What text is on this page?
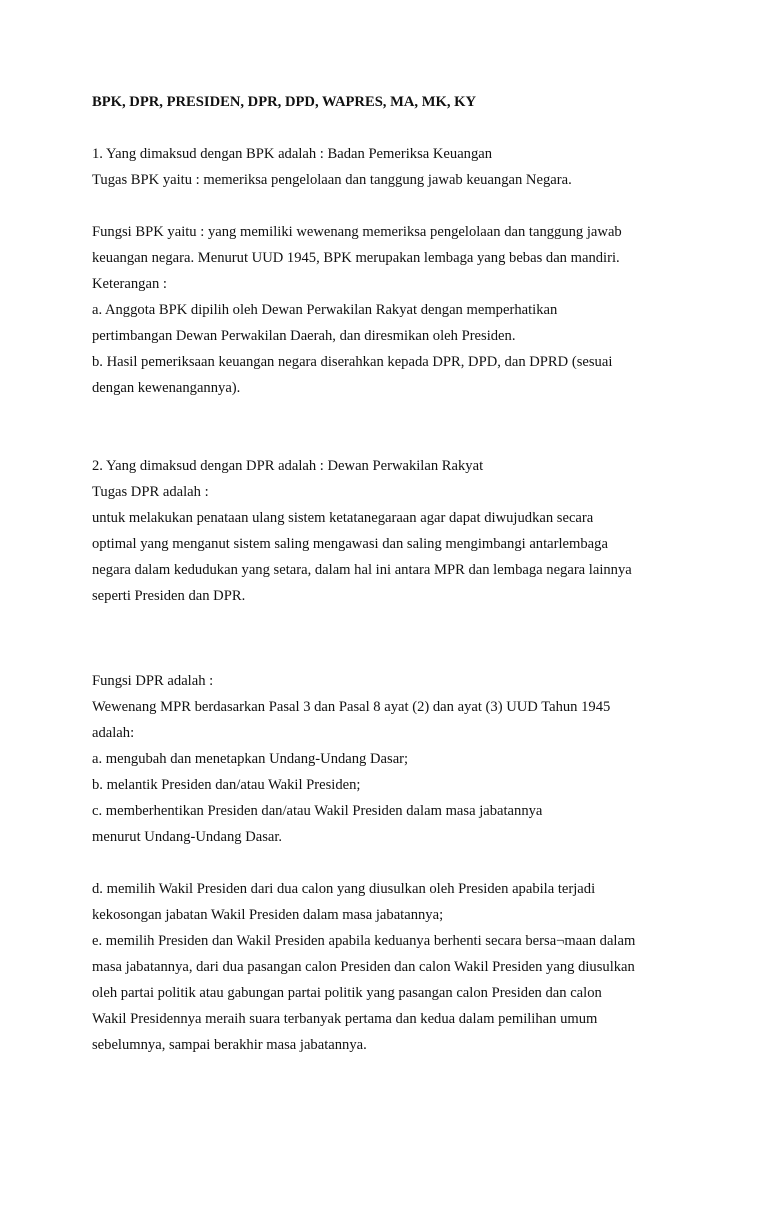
BPK, DPR, PRESIDEN, DPR, DPD, WAPRES, MA, MK, KY

1. Yang dimaksud dengan BPK adalah : Badan Pemeriksa Keuangan
Tugas BPK yaitu : memeriksa pengelolaan dan tanggung jawab keuangan Negara.
Fungsi BPK yaitu : yang memiliki wewenang memeriksa pengelolaan dan tanggung jawab
keuangan negara. Menurut UUD 1945, BPK merupakan lembaga yang bebas dan mandiri.
Keterangan :
a. Anggota BPK dipilih oleh Dewan Perwakilan Rakyat dengan memperhatikan
pertimbangan Dewan Perwakilan Daerah, dan diresmikan oleh Presiden.
b. Hasil pemeriksaan keuangan negara diserahkan kepada DPR, DPD, dan DPRD (sesuai
dengan kewenangannya).
2. Yang dimaksud dengan DPR adalah : Dewan Perwakilan Rakyat
Tugas DPR adalah :
untuk melakukan penataan ulang sistem ketatanegaraan agar dapat diwujudkan secara
optimal yang menganut sistem saling mengawasi dan saling mengimbangi antarlembaga
negara dalam kedudukan yang setara, dalam hal ini antara MPR dan lembaga negara lainnya
seperti Presiden dan DPR.
Fungsi DPR adalah :
Wewenang MPR berdasarkan Pasal 3 dan Pasal 8 ayat (2) dan ayat (3) UUD Tahun 1945
adalah:
a. mengubah dan menetapkan Undang-Undang Dasar;
b. melantik Presiden dan/atau Wakil Presiden;
c. memberhentikan Presiden dan/atau Wakil Presiden dalam masa jabatannya
menurut Undang-Undang Dasar.
d. memilih Wakil Presiden dari dua calon yang diusulkan oleh Presiden apabila terjadi
kekosongan jabatan Wakil Presiden dalam masa jabatannya;
e. memilih Presiden dan Wakil Presiden apabila keduanya berhenti secara bersa¬maan dalam
masa jabatannya, dari dua pasangan calon Presiden dan calon Wakil Presiden yang diusulkan
oleh partai politik atau gabungan partai politik yang pasangan calon Presiden dan calon
Wakil Presidennya meraih suara terbanyak pertama dan kedua dalam pemilihan umum
sebelumnya, sampai berakhir masa jabatannya.
